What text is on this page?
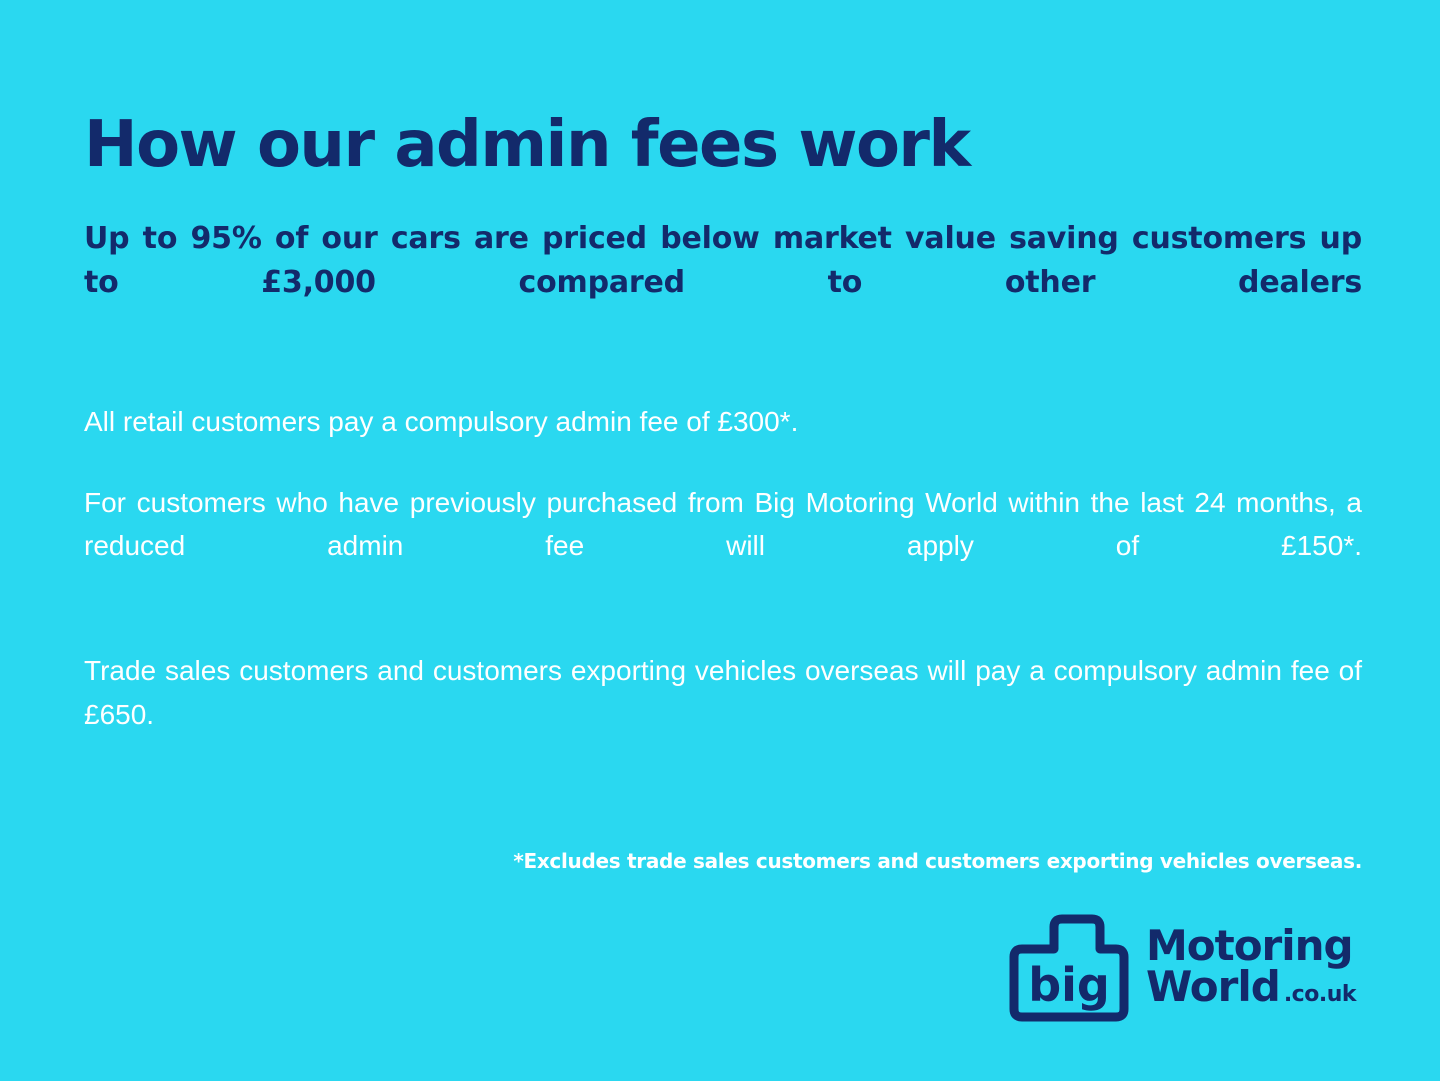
How our admin fees work

Up to 95% of our cars are priced below market value saving customers up to £3,000 compared to other dealers

All retail customers pay a compulsory admin fee of £300*.

For customers who have previously purchased from Big Motoring World within the last 24 months, a reduced admin fee will apply of £150*.

Trade sales customers and customers exporting vehicles overseas will pay a compulsory admin fee of £650.

*Excludes trade sales customers and customers exporting vehicles overseas.

big
Motoring
World .co.uk
